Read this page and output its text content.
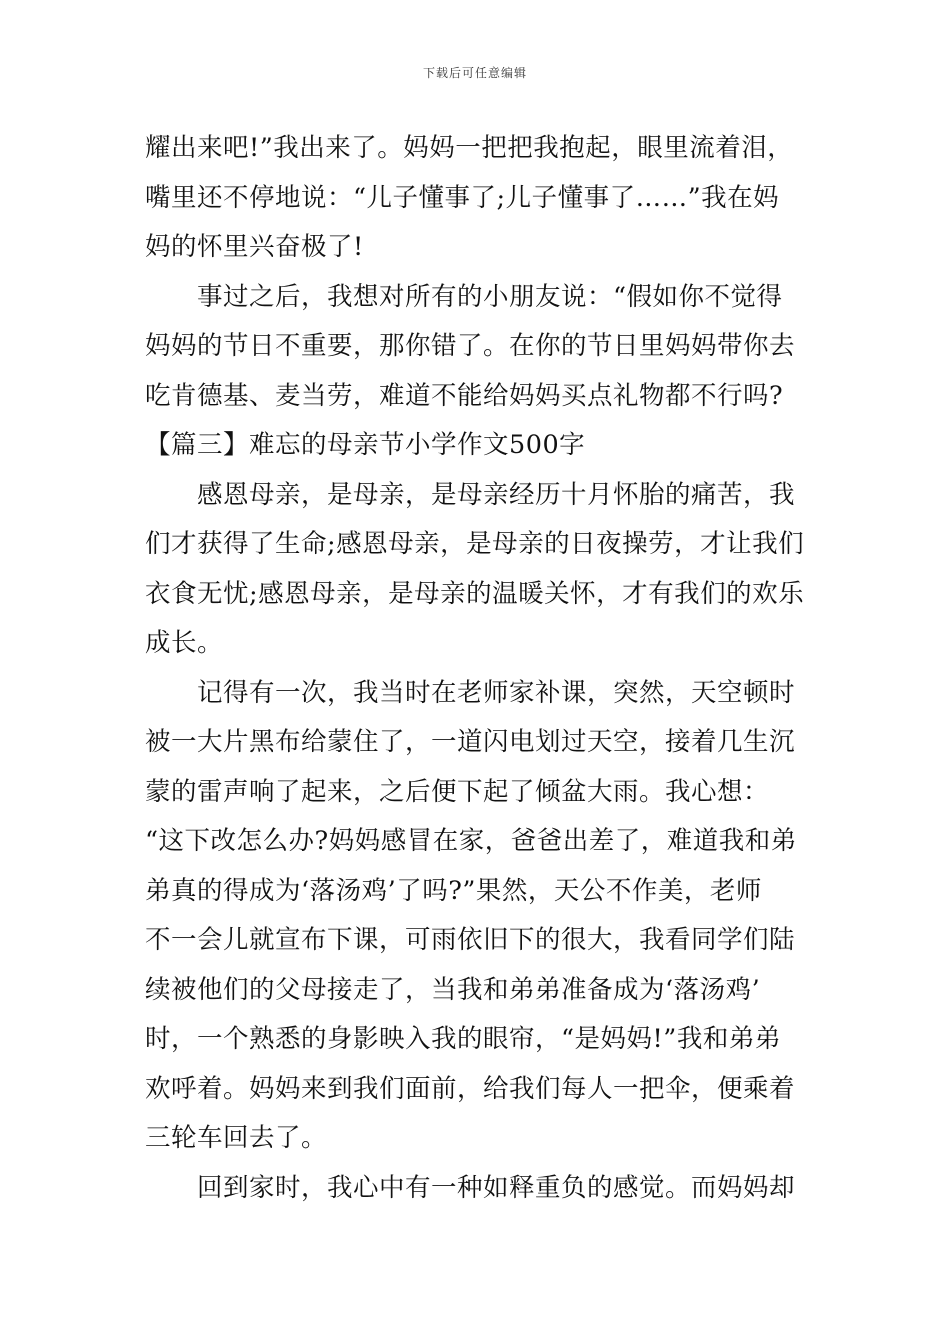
下载后可任意编辑
耀出来吧!”我出来了。妈妈一把把我抱起，眼里流着泪，
嘴里还不停地说：“儿子懂事了;儿子懂事了……”我在妈
妈的怀里兴奋极了!
事过之后，我想对所有的小朋友说：“假如你不觉得
妈妈的节日不重要，那你错了。在你的节日里妈妈带你去
吃肯德基、麦当劳，难道不能给妈妈买点礼物都不行吗?
【篇三】难忘的母亲节小学作文500字
感恩母亲，是母亲，是母亲经历十月怀胎的痛苦，我
们才获得了生命;感恩母亲，是母亲的日夜操劳，才让我们
衣食无忧;感恩母亲，是母亲的温暖关怀，才有我们的欢乐
成长。
记得有一次，我当时在老师家补课，突然，天空顿时
被一大片黑布给蒙住了，一道闪电划过天空，接着几生沉
蒙的雷声响了起来，之后便下起了倾盆大雨。我心想：
“这下改怎么办?妈妈感冒在家，爸爸出差了，难道我和弟
弟真的得成为‘落汤鸡’了吗?”果然，天公不作美，老师
不一会儿就宣布下课，可雨依旧下的很大，我看同学们陆
续被他们的父母接走了，当我和弟弟准备成为‘落汤鸡’
时，一个熟悉的身影映入我的眼帘，“是妈妈!”我和弟弟
欢呼着。妈妈来到我们面前，给我们每人一把伞，便乘着
三轮车回去了。
回到家时，我心中有一种如释重负的感觉。而妈妈却
